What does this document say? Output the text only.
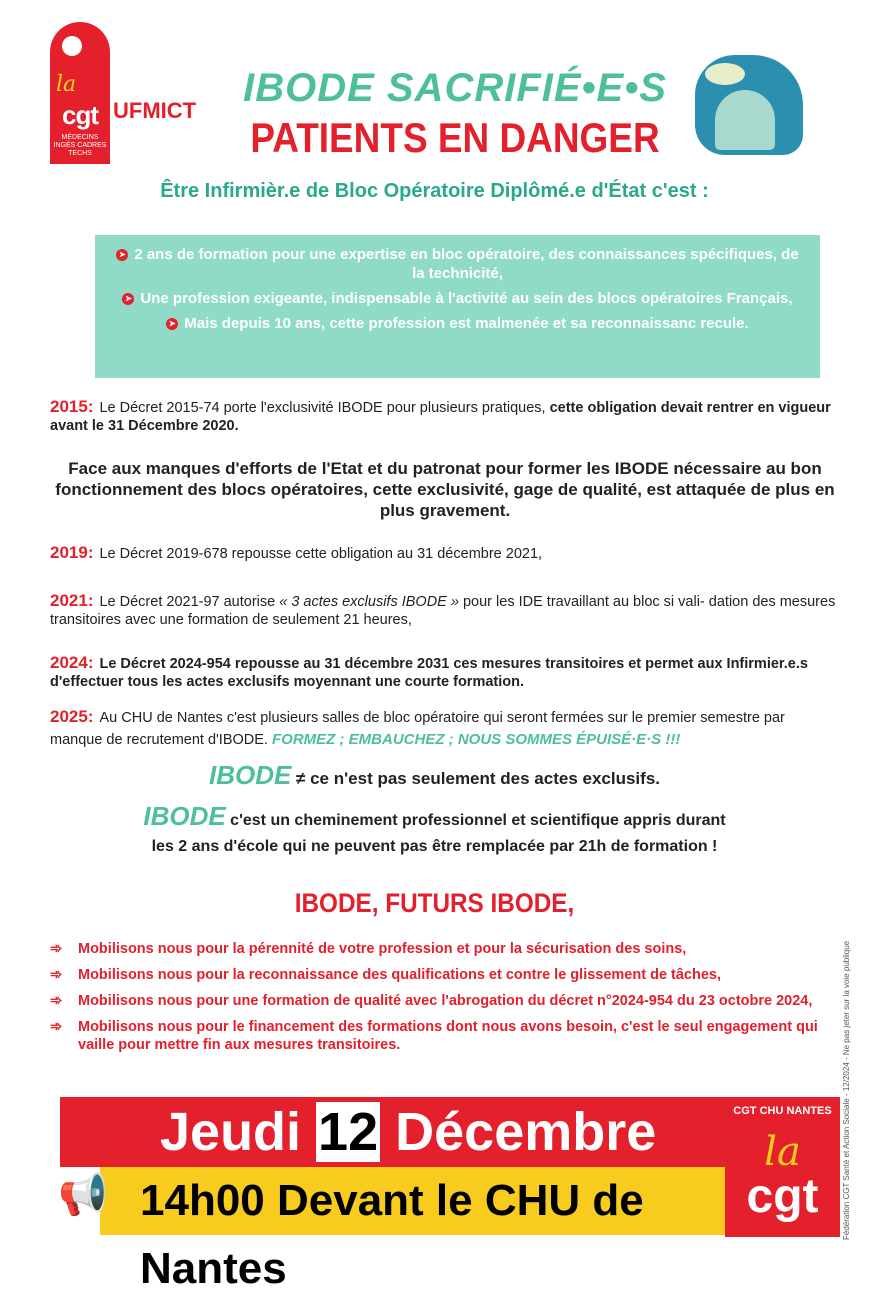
la
cgt
MÉDECINS INGÉS CADRES TECHS
UFMICT
IBODE SACRIFIÉ•E•S
PATIENTS EN DANGER
Être Infirmièr.e de Bloc Opératoire Diplômé.e d'État c'est :

➤ 2 ans de formation pour une expertise en bloc opératoire, des connaissances spécifiques, de la technicité,

➤ Une profession exigeante, indispensable à l'activité au sein des blocs opératoires Français,

➤ Mais depuis 10 ans, cette profession est malmenée et sa reconnaissanc recule.

2015: Le Décret 2015-74 porte l'exclusivité IBODE pour plusieurs pratiques, cette obligation devait rentrer en vigueur avant le 31 Décembre 2020.
Face aux manques d'efforts de l'Etat et du patronat pour former les IBODE nécessaire au bon fonctionnement des blocs opératoires, cette exclusivité, gage de qualité, est attaquée de plus en plus gravement.
2019: Le Décret 2019-678 repousse cette obligation au 31 décembre 2021,
2021: Le Décret 2021-97 autorise « 3 actes exclusifs IBODE » pour les IDE travaillant au bloc si vali- dation des mesures transitoires avec une formation de seulement 21 heures,
2024: Le Décret 2024-954 repousse au 31 décembre 2031 ces mesures transitoires et permet aux Infirmier.e.s d'effectuer tous les actes exclusifs moyennant une courte formation.
2025: Au CHU de Nantes c'est plusieurs salles de bloc opératoire qui seront fermées sur le premier semestre par manque de recrutement d'IBODE. FORMEZ ; EMBAUCHEZ ; NOUS SOMMES ÉPUISÉ·E·S !!!
IBODE ≠ ce n'est pas seulement des actes exclusifs.
IBODE c'est un cheminement professionnel et scientifique appris durant
les 2 ans d'école qui ne peuvent pas être remplacée par 21h de formation !
IBODE, FUTURS IBODE,
➾ Mobilisons nous pour la pérennité de votre profession et pour la sécurisation des soins,
➾ Mobilisons nous pour la reconnaissance des qualifications et contre le glissement de tâches,
➾ Mobilisons nous pour une formation de qualité avec l'abrogation du décret n°2024-954 du 23 octobre 2024,
➾ Mobilisons nous pour le financement des formations dont nous avons besoin, c'est le seul engagement qui vaille pour mettre fin aux mesures transitoires.
Jeudi 12 Décembre
14h00 Devant le CHU de Nantes
CGT CHU NANTES
la
cgt
📢	Fédération CGT Santé et Action Sociale - 12/2024 - Ne pas jeter sur la voie publique
